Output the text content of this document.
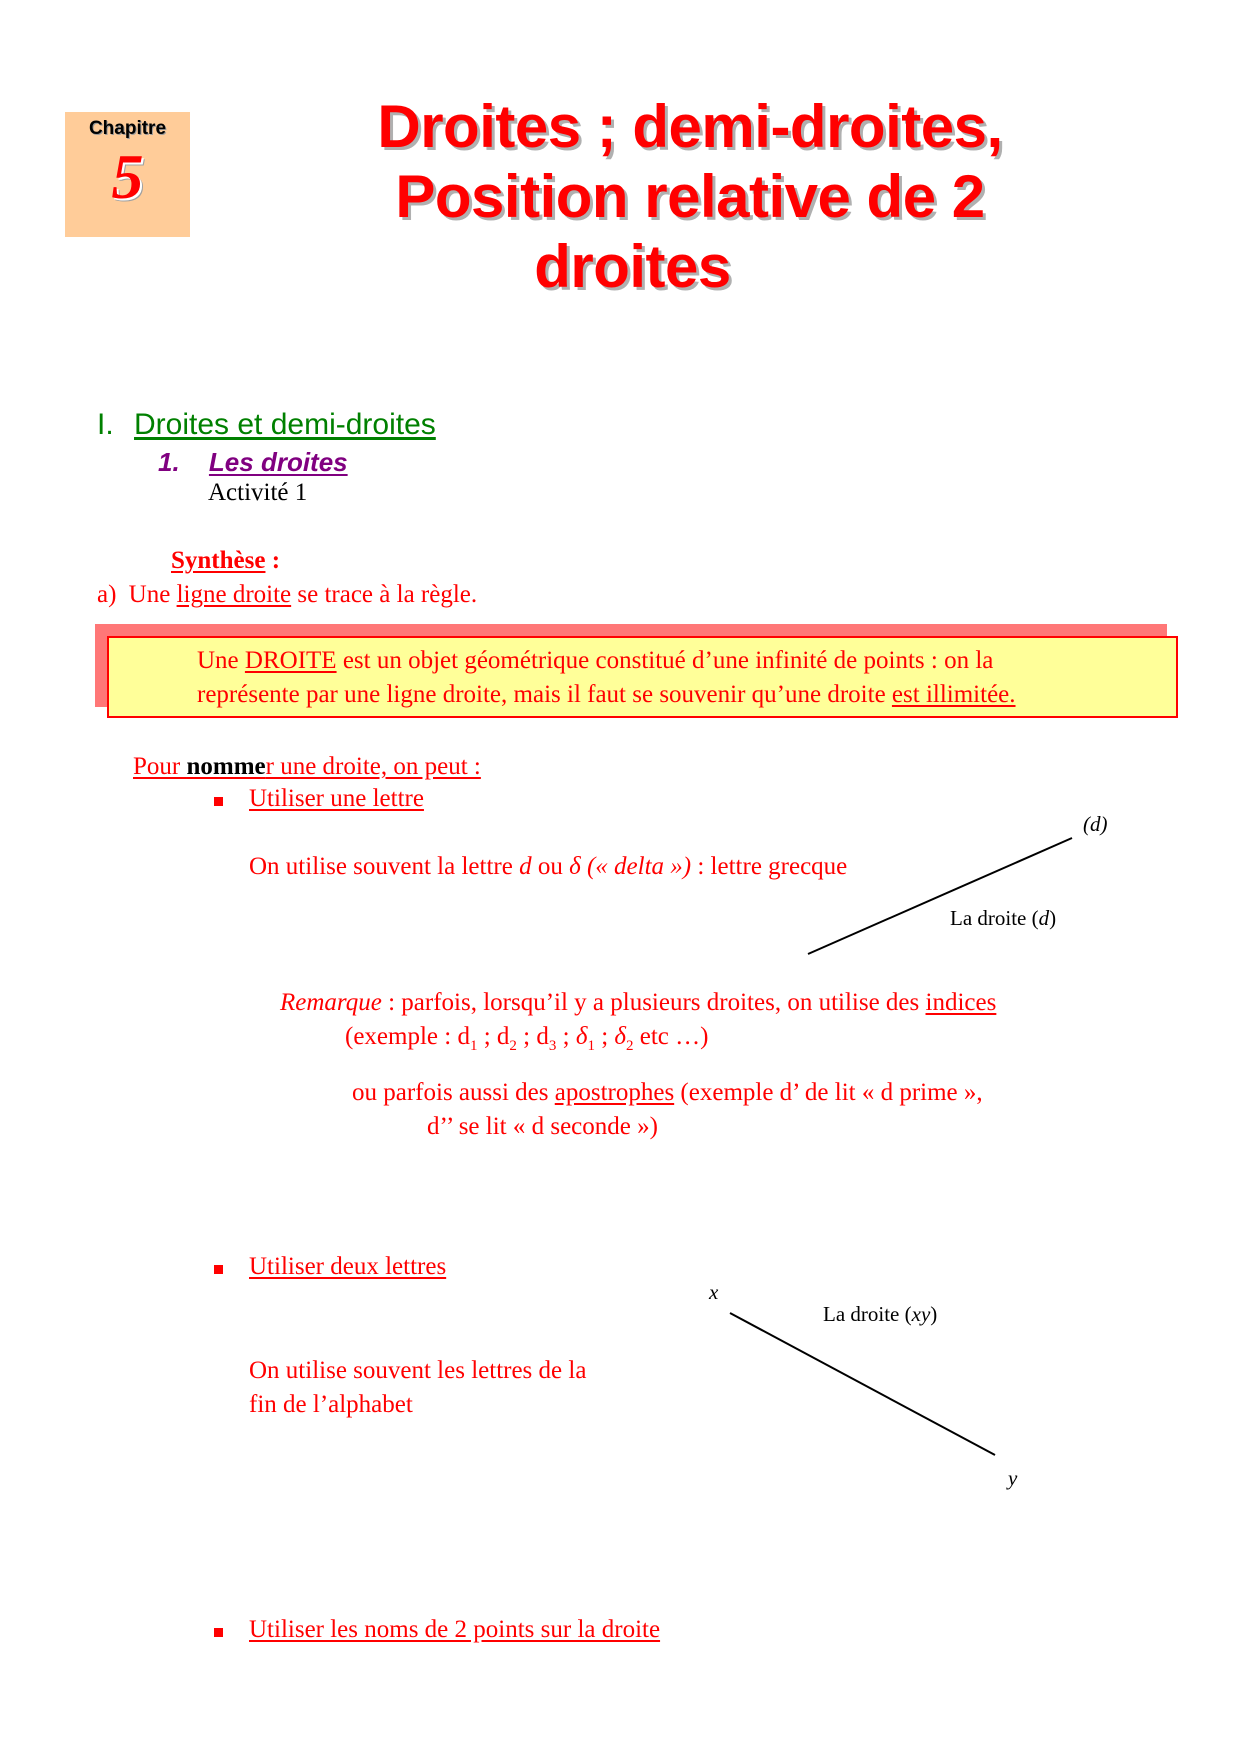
Chapitre
5
Droites ; demi-droites,
Position relative de 2
droites
I. Droites et demi-droites
1. Les droites
Activité 1
Synthèse :
a) Une ligne droite se trace à la règle.
Une DROITE est un objet géométrique constitué d’une infinité de points : on la
représente par une ligne droite, mais il faut se souvenir qu’une droite est illimitée.
Pour nommer une droite, on peut :
Utiliser une lettre
On utilise souvent la lettre d ou δ (« delta ») : lettre grecque
(d)
La droite (d)
Remarque : parfois, lorsqu’il y a plusieurs droites, on utilise des indices
(exemple : $d_1$ ; $d_2$ ; $d_3$ ; $\delta_1$ ; $\delta_2$ etc …)
ou parfois aussi des apostrophes (exemple d’ de lit « d prime »,
d’’ se lit « d seconde »)
Utiliser deux lettres
On utilise souvent les lettres de la
fin de l’alphabet
x
La droite (xy)
y
Utiliser les noms de 2 points sur la droite
